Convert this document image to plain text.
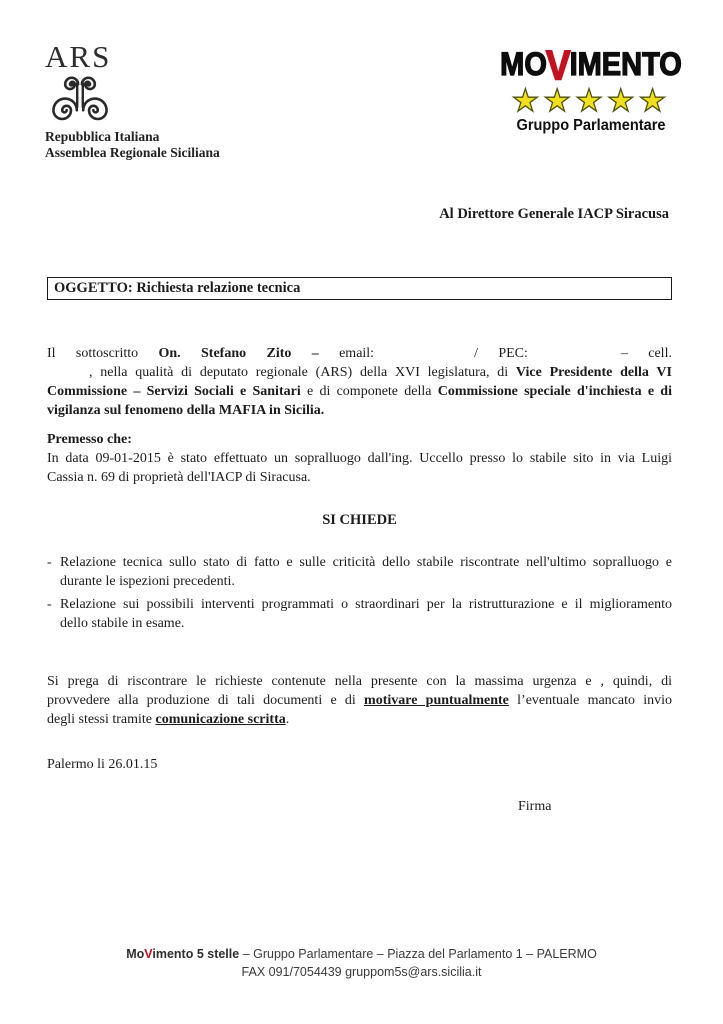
ARS
Repubblica Italiana
Assemblea Regionale Siciliana
MOVIMENTO
★★★★★
Gruppo Parlamentare
Al Direttore Generale IACP Siracusa
OGGETTO: Richiesta relazione tecnica
Il sottoscritto On. Stefano Zito – email:	/ PEC:	– cell.
, nella qualità di deputato regionale (ARS) della XVI legislatura, di Vice Presidente della VI
Commissione – Servizi Sociali e Sanitari e di componete della Commissione speciale d'inchiesta e di
vigilanza sul fenomeno della MAFIA in Sicilia.
Premesso che:
In data 09-01-2015 è stato effettuato un sopralluogo dall'ing. Uccello presso lo stabile sito in via Luigi
Cassia n. 69 di proprietà dell'IACP di Siracusa.
SI CHIEDE
- Relazione tecnica sullo stato di fatto e sulle criticità dello stabile riscontrate nell'ultimo sopralluogo e
durante le ispezioni precedenti.
- Relazione sui possibili interventi programmati o straordinari per la ristrutturazione e il miglioramento
dello stabile in esame.
Si prega di riscontrare le richieste contenute nella presente con la massima urgenza e , quindi, di
provvedere alla produzione di tali documenti e di motivare puntualmente l’eventuale mancato invio
degli stessi tramite comunicazione scritta.
Palermo li 26.01.15
Firma
MoVimento 5 stelle – Gruppo Parlamentare – Piazza del Parlamento 1 – PALERMO
FAX 091/7054439 gruppom5s@ars.sicilia.it
